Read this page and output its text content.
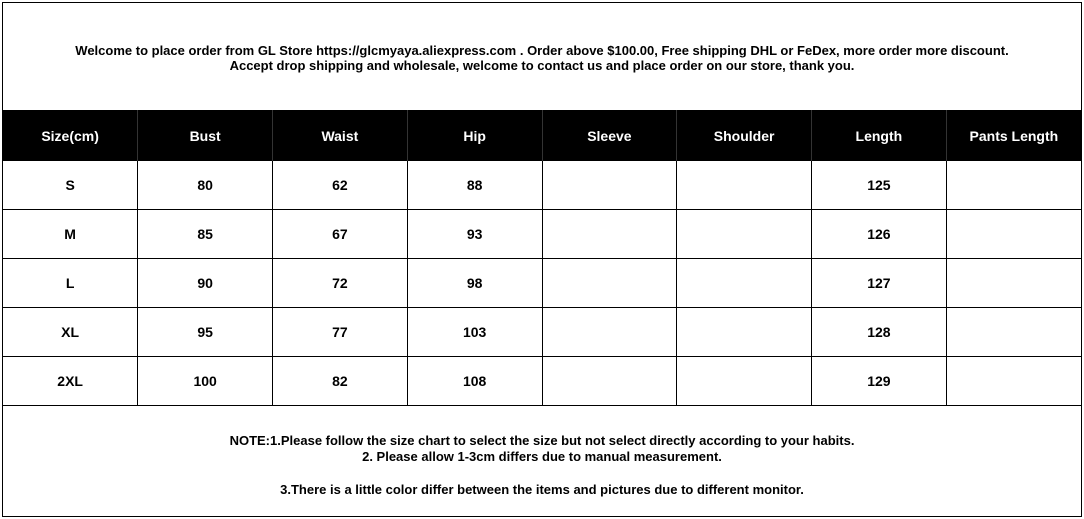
Welcome to place order from GL Store https://glcmyaya.aliexpress.com . Order above $100.00, Free shipping DHL or FeDex, more order more discount.
Accept drop shipping and wholesale, welcome to contact us and place order on our store, thank you.
Size(cm)	Bust	Waist	Hip	Sleeve	Shoulder	Length	Pants Length
S	80	62	88			125	
M	85	67	93			126	
L	90	72	98			127	
XL	95	77	103			128	
2XL	100	82	108			129	
NOTE:1.Please follow the size chart to select the size but not select directly according to your habits.
2. Please allow 1-3cm differs due to manual measurement.
3.There is a little color differ between the items and pictures due to different monitor.
